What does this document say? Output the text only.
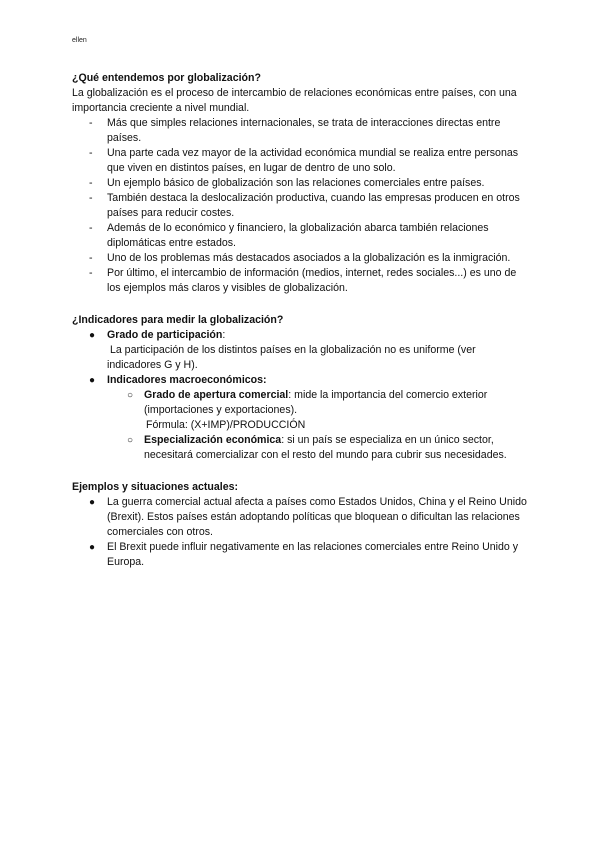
ellen
¿Qué entendemos por globalización?

La globalización es el proceso de intercambio de relaciones económicas entre países, con una importancia creciente a nivel mundial.

- Más que simples relaciones internacionales, se trata de interacciones directas entre países.
- Una parte cada vez mayor de la actividad económica mundial se realiza entre personas que viven en distintos países, en lugar de dentro de uno solo.
- Un ejemplo básico de globalización son las relaciones comerciales entre países.
- También destaca la deslocalización productiva, cuando las empresas producen en otros países para reducir costes.
- Además de lo económico y financiero, la globalización abarca también relaciones diplomáticas entre estados.
- Uno de los problemas más destacados asociados a la globalización es la inmigración.
- Por último, el intercambio de información (medios, internet, redes sociales...) es uno de los ejemplos más claros y visibles de globalización.
¿Indicadores para medir la globalización?
● Grado de participación:
La participación de los distintos países en la globalización no es uniforme (ver indicadores G y H).
● Indicadores macroeconómicos:
○ Grado de apertura comercial: mide la importancia del comercio exterior (importaciones y exportaciones).
Fórmula: (X+IMP)/PRODUCCIÓN
○ Especialización económica: si un país se especializa en un único sector, necesitará comercializar con el resto del mundo para cubrir sus necesidades.
Ejemplos y situaciones actuales:
● La guerra comercial actual afecta a países como Estados Unidos, China y el Reino Unido (Brexit). Estos países están adoptando políticas que bloquean o dificultan las relaciones comerciales con otros.
● El Brexit puede influir negativamente en las relaciones comerciales entre Reino Unido y Europa.
